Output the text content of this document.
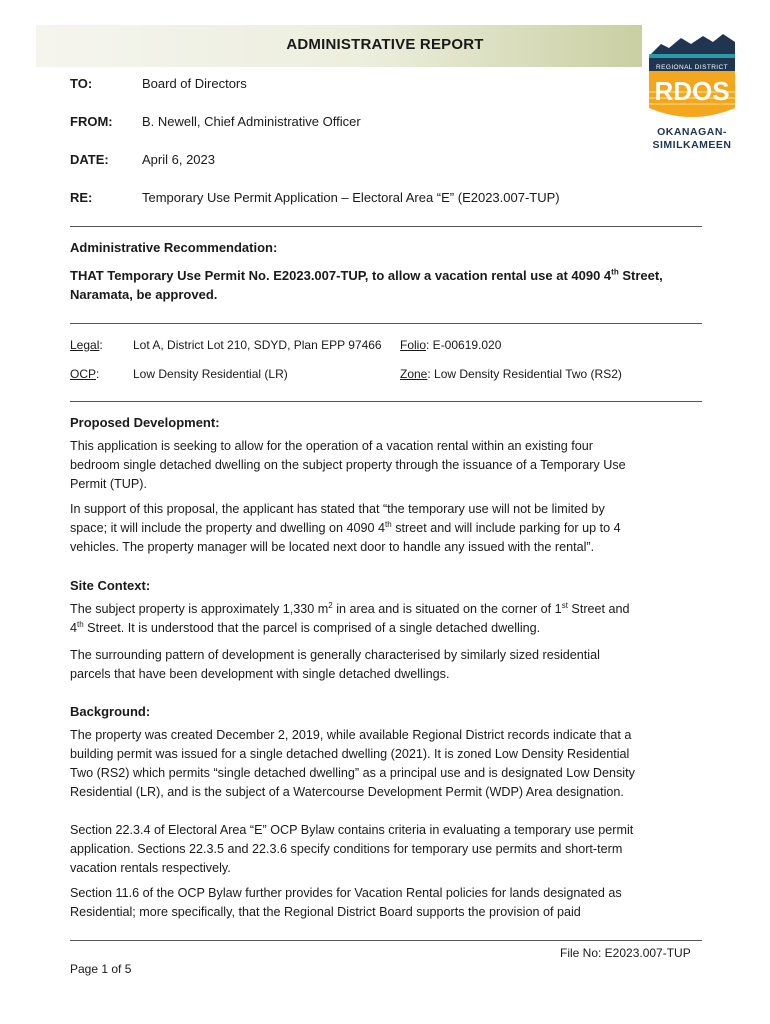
ADMINISTRATIVE REPORT
REGIONAL DISTRICT
RDOS
OKANAGAN-
SIMILKAMEEN
TO:	Board of Directors
FROM: B. Newell, Chief Administrative Officer
DATE:	April 6, 2023
RE:	Temporary Use Permit Application – Electoral Area “E” (E2023.007-TUP)
Administrative Recommendation:
THAT Temporary Use Permit No. E2023.007-TUP, to allow a vacation rental use at 4090 4th Street,
Naramata, be approved.
Legal:	Lot A, District Lot 210, SDYD, Plan EPP 97466 Folio: E-00619.020
OCP:	Low Density Residential (LR)	Zone: Low Density Residential Two (RS2)
Proposed Development:
This application is seeking to allow for the operation of a vacation rental within an existing four
bedroom single detached dwelling on the subject property through the issuance of a Temporary Use
Permit (TUP).
In support of this proposal, the applicant has stated that “the temporary use will not be limited by
space; it will include the property and dwelling on 4090 4th street and will include parking for up to 4
vehicles. The property manager will be located next door to handle any issued with the rental”.
Site Context:
The subject property is approximately 1,330 $m^2$ in area and is situated on the corner of 1st Street and
4th Street. It is understood that the parcel is comprised of a single detached dwelling.
The surrounding pattern of development is generally characterised by similarly sized residential
parcels that have been development with single detached dwellings.
Background:
The property was created December 2, 2019, while available Regional District records indicate that a
building permit was issued for a single detached dwelling (2021). It is zoned Low Density Residential
Two (RS2) which permits “single detached dwelling” as a principal use and is designated Low Density
Residential (LR), and is the subject of a Watercourse Development Permit (WDP) Area designation.
Section 22.3.4 of Electoral Area “E” OCP Bylaw contains criteria in evaluating a temporary use permit
application. Sections 22.3.5 and 22.3.6 specify conditions for temporary use permits and short-term
vacation rentals respectively.
Section 11.6 of the OCP Bylaw further provides for Vacation Rental policies for lands designated as
Residential; more specifically, that the Regional District Board supports the provision of paid
File No: E2023.007-TUP
Page 1 of 5
